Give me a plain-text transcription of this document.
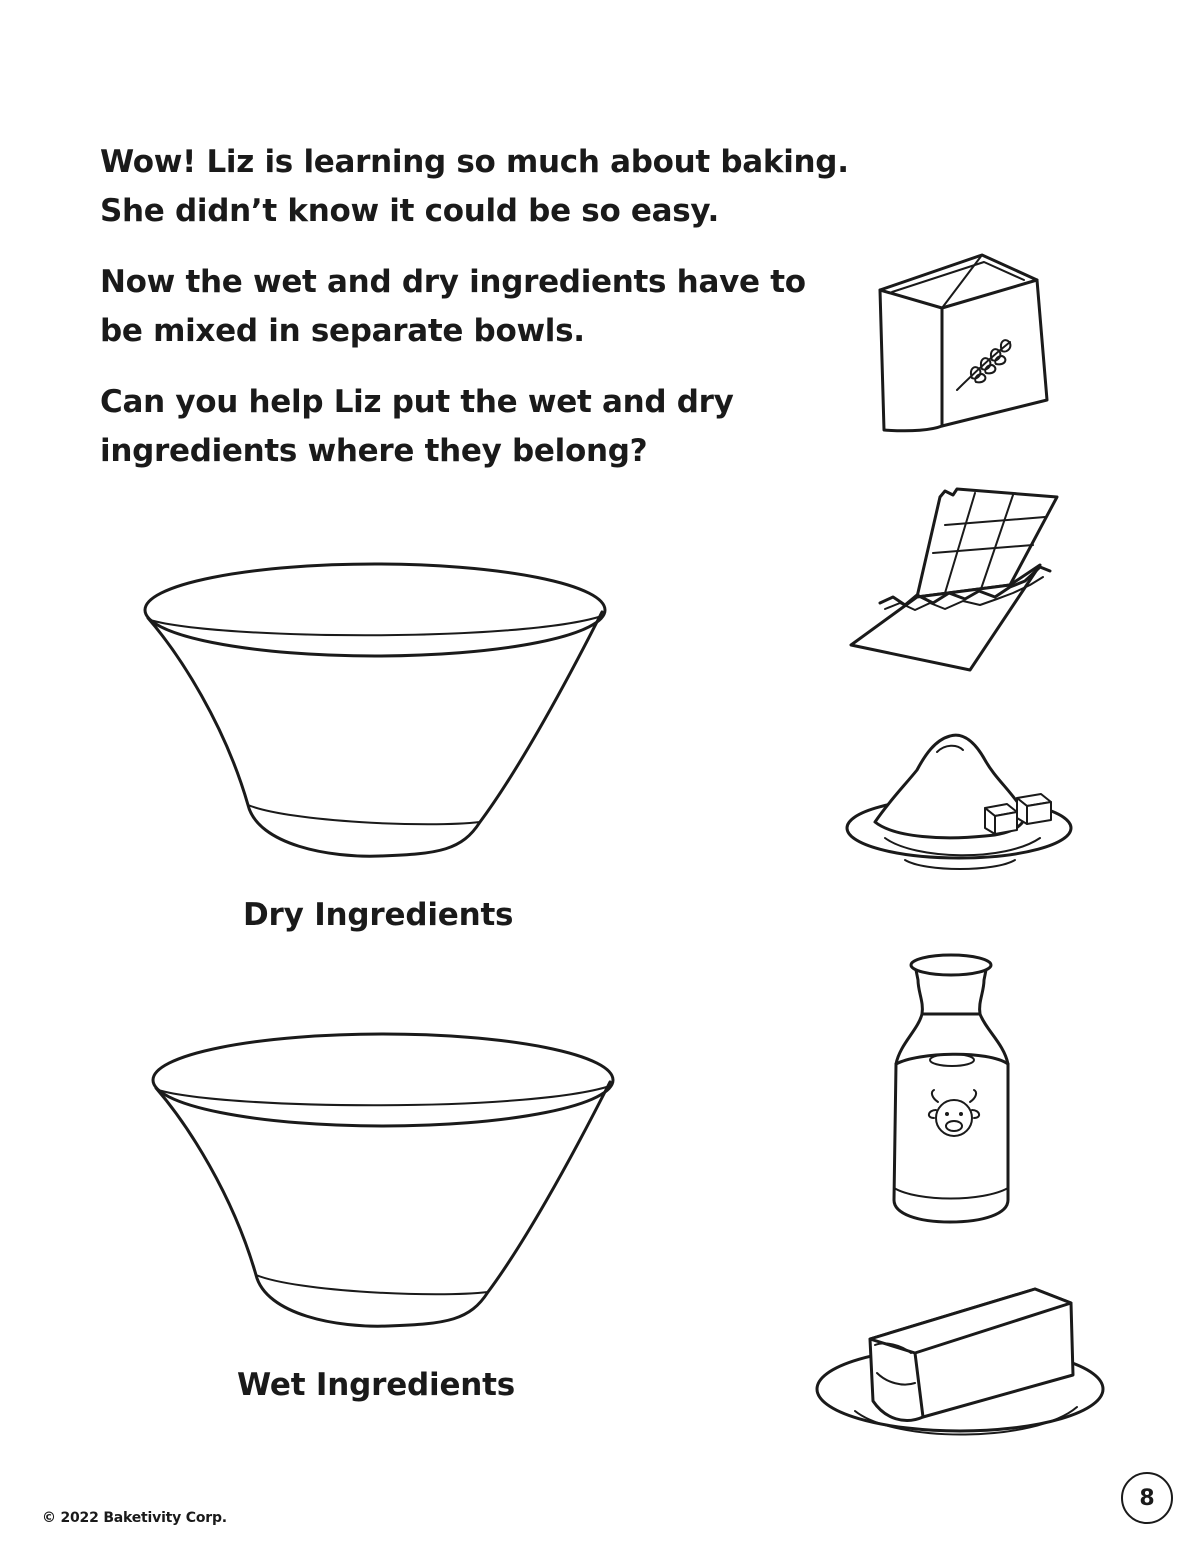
Wow! Liz is learning so much about baking.
She didn’t know it could be so easy.

Now the wet and dry ingredients have to
be mixed in separate bowls.

Can you help Liz put the wet and dry
ingredients where they belong?

Dry Ingredients
Wet Ingredients
© 2022 Baketivity Corp.
8
